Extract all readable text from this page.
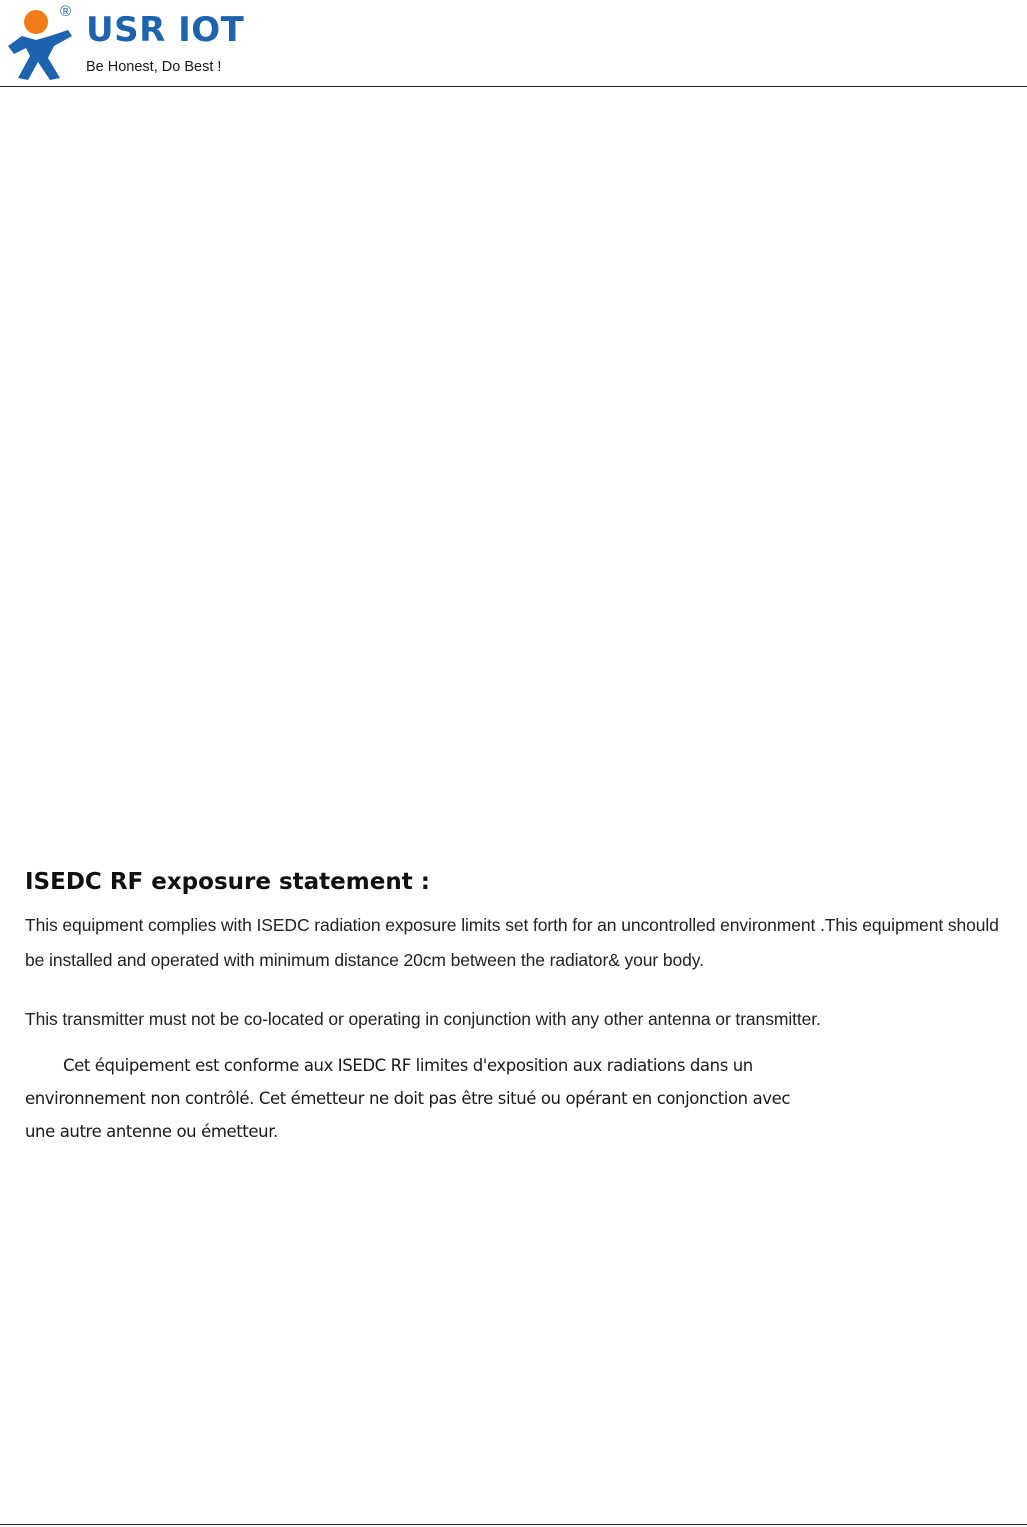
® USR IOT
Be Honest, Do Best !
ISEDC RF exposure statement :

This equipment complies with ISEDC radiation exposure limits set forth for an uncontrolled environment .This equipment should be installed and operated with minimum distance 20cm between the radiator& your body.

This transmitter must not be co-located or operating in conjunction with any other antenna or transmitter.

Cet équipement est conforme aux ISEDC RF limites d'exposition aux radiations dans un
environnement non contrôlé. Cet émetteur ne doit pas être situé ou opérant en conjonction avec
une autre antenne ou émetteur.
